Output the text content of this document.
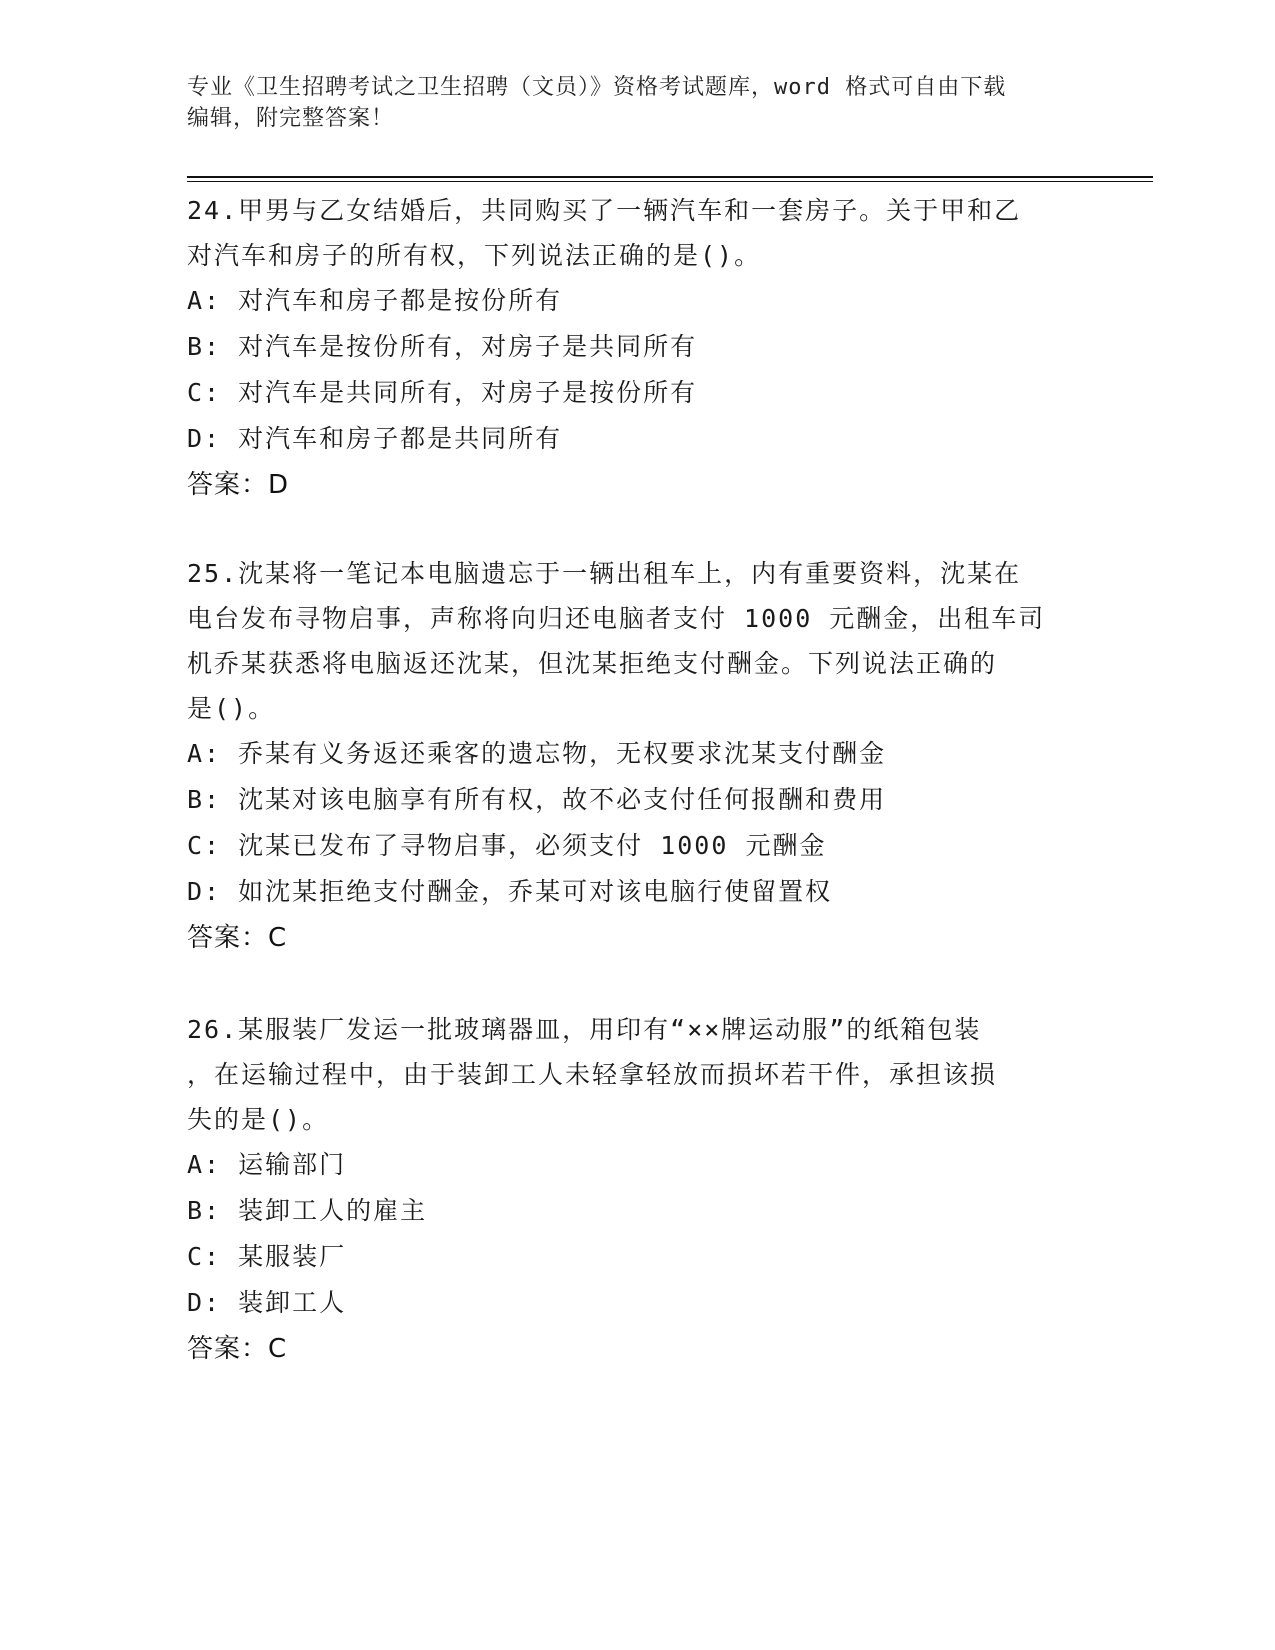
专业《卫生招聘考试之卫生招聘（文员）》资格考试题库，word 格式可自由下载
编辑，附完整答案！

24.甲男与乙女结婚后，共同购买了一辆汽车和一套房子。关于甲和乙

对汽车和房子的所有权，下列说法正确的是()。

A: 对汽车和房子都是按份所有

B: 对汽车是按份所有，对房子是共同所有

C: 对汽车是共同所有，对房子是按份所有

D: 对汽车和房子都是共同所有

答案：D

25.沈某将一笔记本电脑遗忘于一辆出租车上，内有重要资料，沈某在

电台发布寻物启事，声称将向归还电脑者支付 1000 元酬金，出租车司

机乔某获悉将电脑返还沈某，但沈某拒绝支付酬金。下列说法正确的

是()。

A: 乔某有义务返还乘客的遗忘物，无权要求沈某支付酬金

B: 沈某对该电脑享有所有权，故不必支付任何报酬和费用

C: 沈某已发布了寻物启事，必须支付 1000 元酬金

D: 如沈某拒绝支付酬金，乔某可对该电脑行使留置权

答案：C

26.某服装厂发运一批玻璃器皿，用印有“××牌运动服”的纸箱包装

，在运输过程中，由于装卸工人未轻拿轻放而损坏若干件，承担该损

失的是()。

A: 运输部门

B: 装卸工人的雇主

C: 某服装厂

D: 装卸工人

答案：C
